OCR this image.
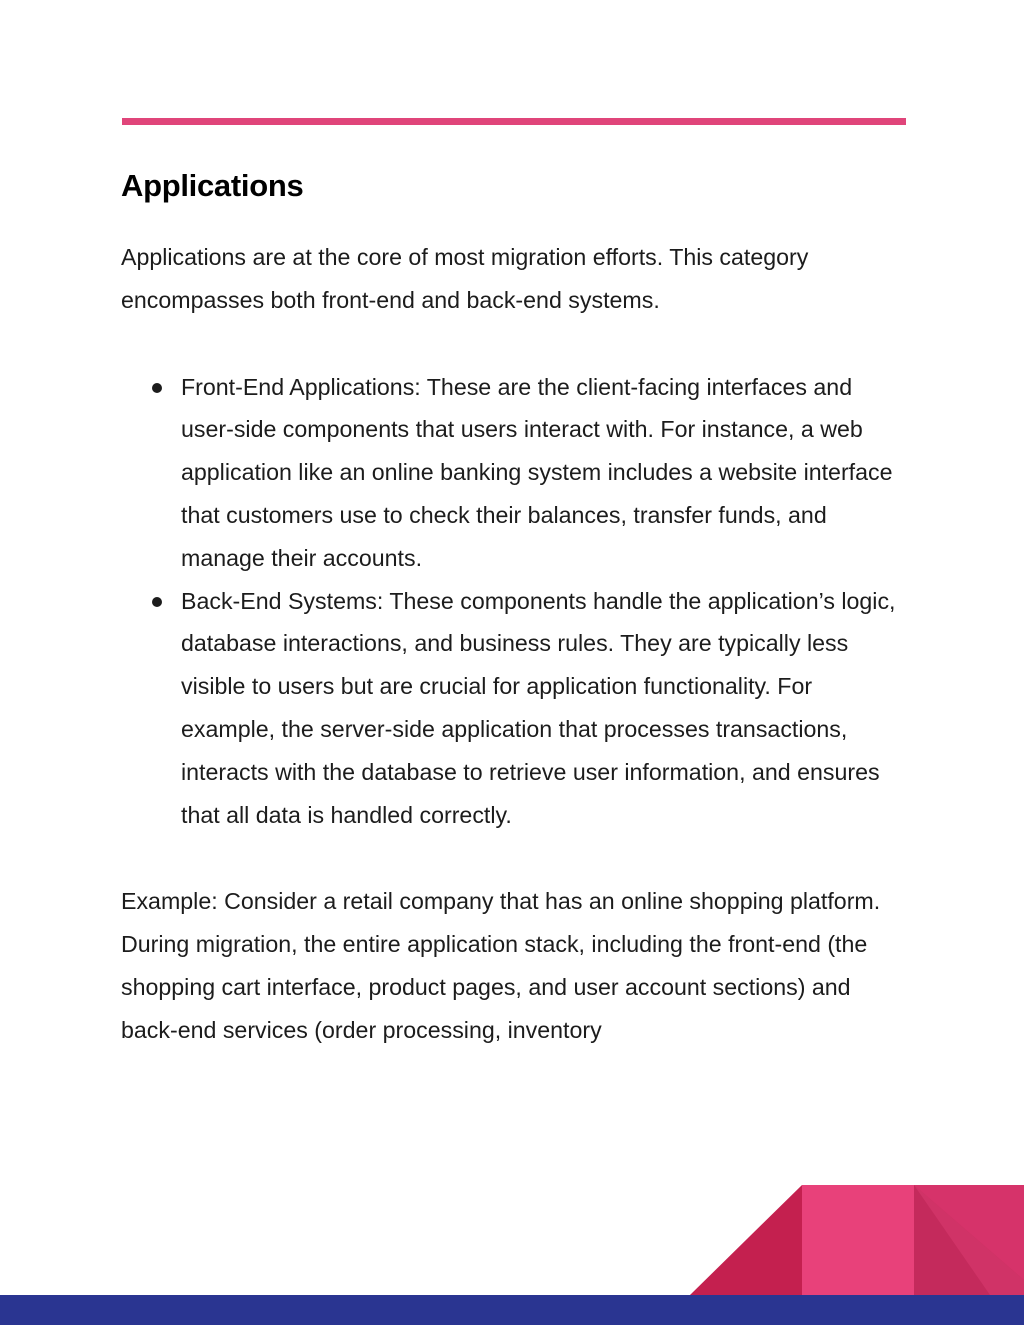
Applications

Applications are at the core of most migration efforts. This category encompasses both front-end and back-end systems.

Front-End Applications: These are the client-facing interfaces and user-side components that users interact with. For instance, a web application like an online banking system includes a website interface that customers use to check their balances, transfer funds, and manage their accounts.
Back-End Systems: These components handle the application’s logic, database interactions, and business rules. They are typically less visible to users but are crucial for application functionality. For example, the server-side application that processes transactions, interacts with the database to retrieve user information, and ensures that all data is handled correctly.

Example: Consider a retail company that has an online shopping platform. During migration, the entire application stack, including the front-end (the shopping cart interface, product pages, and user account sections) and back-end services (order processing, inventory
